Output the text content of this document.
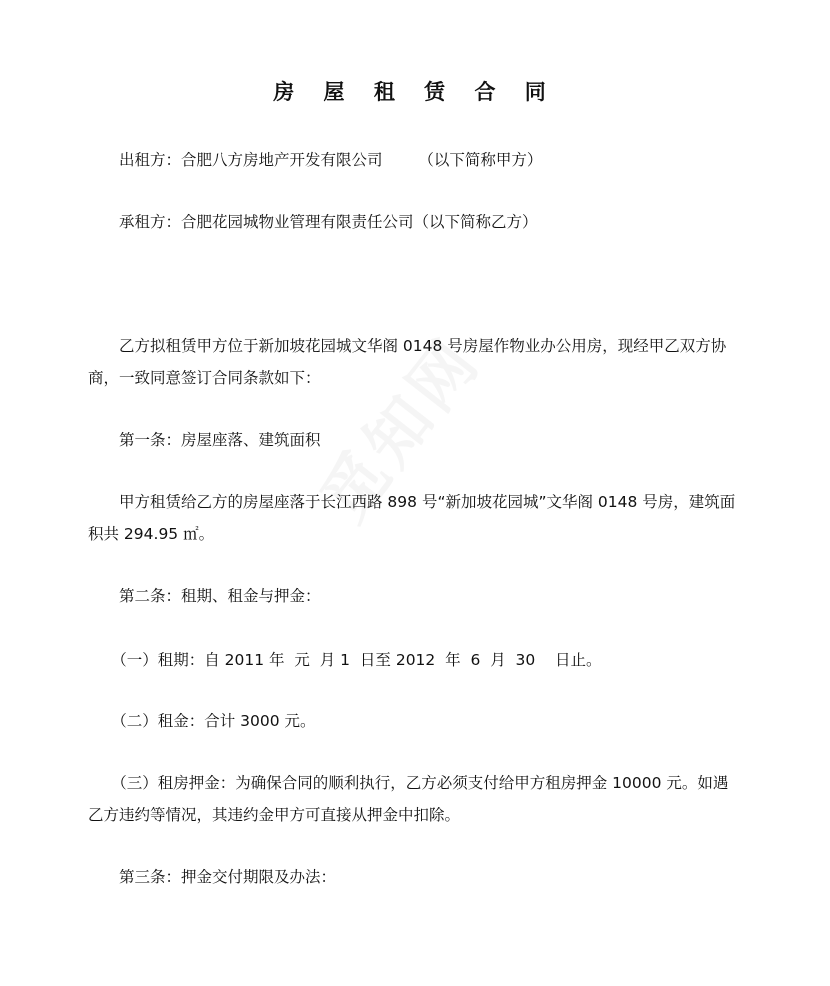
觅知网
房 屋 租 赁 合 同

　　出租方：合肥八方房地产开发有限公司　　 （以下简称甲方）

　　承租方：合肥花园城物业管理有限责任公司（以下简称乙方）

　　乙方拟租赁甲方位于新加坡花园城文华阁 0148 号房屋作物业办公用房，现经甲乙双方协商，一致同意签订合同条款如下：

　　第一条：房屋座落、建筑面积

　　甲方租赁给乙方的房屋座落于长江西路 898 号“新加坡花园城”文华阁 0148 号房，建筑面积共 294.95 ㎡。

　　第二条：租期、租金与押金：

　　（一）租期：自 2011 年  元  月 1  日至 2012  年  6  月  30    日止。

　　（二）租金：合计 3000 元。

　　（三）租房押金：为确保合同的顺利执行，乙方必须支付给甲方租房押金 10000 元。如遇乙方违约等情况，其违约金甲方可直接从押金中扣除。

　　第三条：押金交付期限及办法：
